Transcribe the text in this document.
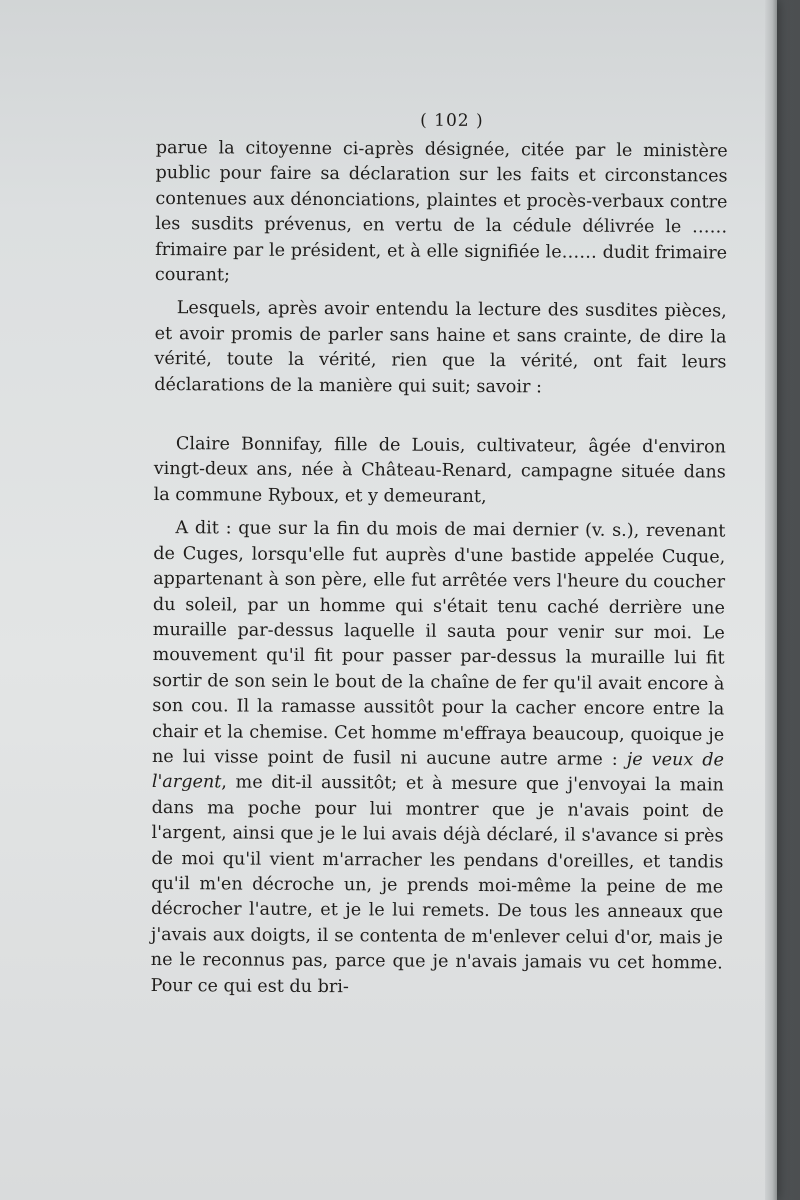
( 102 )

parue la citoyenne ci-après désignée, citée par le ministère public pour faire sa déclaration sur les faits et circonstances contenues aux dénonciations, plaintes et procès-verbaux contre les susdits prévenus, en vertu de la cédule délivrée le …… frimaire par le président, et à elle signifiée le…… dudit frimaire courant;

Lesquels, après avoir entendu la lecture des susdites pièces, et avoir promis de parler sans haine et sans crainte, de dire la vérité, toute la vérité, rien que la vérité, ont fait leurs déclarations de la manière qui suit; savoir :

Claire Bonnifay, fille de Louis, cultivateur, âgée d'environ vingt-deux ans, née à Château-Renard, campagne située dans la commune Ryboux, et y demeurant,

A dit : que sur la fin du mois de mai dernier (v. s.), revenant de Cuges, lorsqu'elle fut auprès d'une bastide appelée Cuque, appartenant à son père, elle fut arrêtée vers l'heure du coucher du soleil, par un homme qui s'était tenu caché derrière une muraille par-dessus laquelle il sauta pour venir sur moi. Le mouvement qu'il fit pour passer par-dessus la muraille lui fit sortir de son sein le bout de la chaîne de fer qu'il avait encore à son cou. Il la ramasse aussitôt pour la cacher encore entre la chair et la chemise. Cet homme m'effraya beaucoup, quoique je ne lui visse point de fusil ni aucune autre arme : je veux de l'argent, me dit-il aussitôt; et à mesure que j'envoyai la main dans ma poche pour lui montrer que je n'avais point de l'argent, ainsi que je le lui avais déjà déclaré, il s'avance si près de moi qu'il vient m'arracher les pendans d'oreilles, et tandis qu'il m'en décroche un, je prends moi-même la peine de me décrocher l'autre, et je le lui remets. De tous les anneaux que j'avais aux doigts, il se contenta de m'enlever celui d'or, mais je ne le reconnus pas, parce que je n'avais jamais vu cet homme. Pour ce qui est du bri-
